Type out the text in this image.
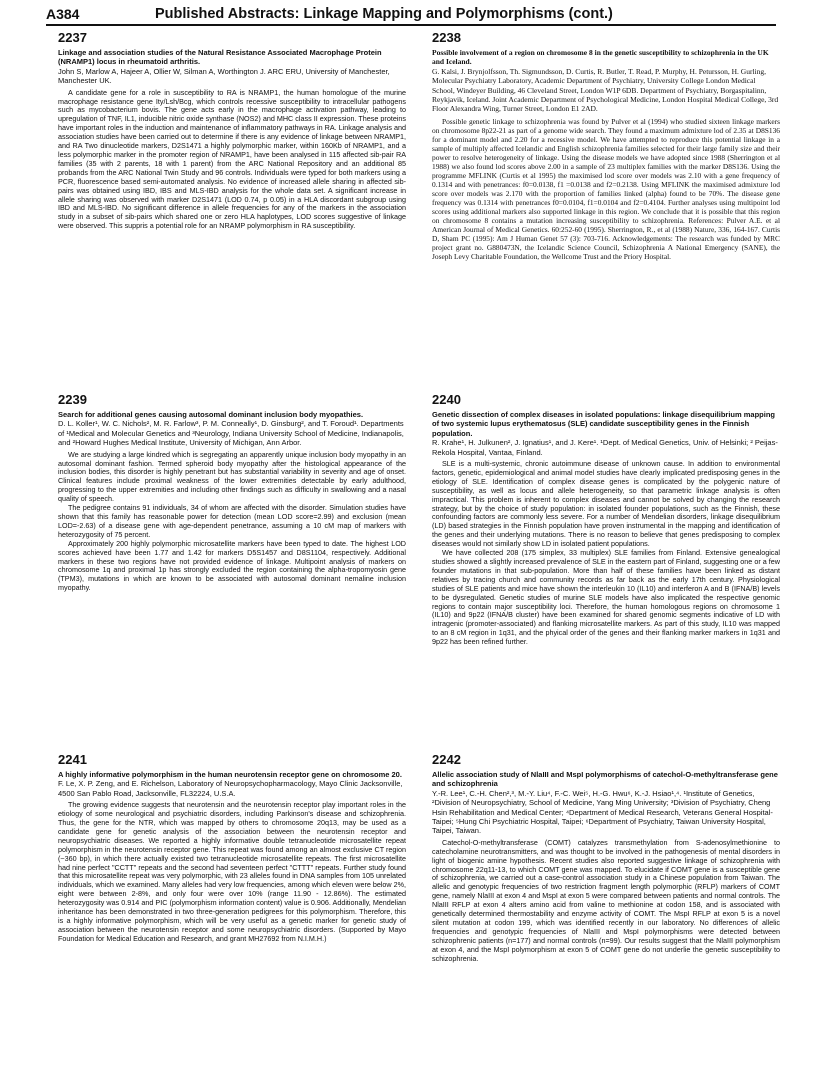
A384	Published Abstracts: Linkage Mapping and Polymorphisms (cont.)
2237
Linkage and association studies of the Natural Resistance Associated Macrophage Protein (NRAMP1) locus in rheumatoid arthritis.
John S, Marlow A, Hajeer A, Ollier W, Silman A, Worthington J. ARC ERU, University of Manchester, Manchester UK.

A candidate gene for a role in susceptibility to RA is NRAMP1, the human homologue of the murine macrophage resistance gene Ity/Lsh/Bcg, which controls recessive susceptibility to intracellular pathogens such as mycobacterium bovis. The gene acts early in the macrophage activation pathway, leading to upregulation of TNF, IL1, inducible nitric oxide synthase (NOS2) and MHC class II expression. These proteins have important roles in the induction and maintenance of inflammatory pathways in RA. Linkage analysis and association studies have been carried out to determine if there is any evidence of linkage between NRAMP1, and RA Two dinucleotide markers, D2S1471 a highly polymorphic marker, within 160Kb of NRAMP1, and a less polymorphic marker in the promoter region of NRAMP1, have been analysed in 115 affected sib-pair RA families (35 with 2 parents, 18 with 1 parent) from the ARC National Repository and an additional 85 probands from the ARC National Twin Study and 96 controls. Individuals were typed for both markers using a PCR, fluorescence based semi-automated analysis. No evidence of increased allele sharing in affected sib-pairs was obtained using IBD, IBS and MLS-IBD analysis for the whole data set. A significant increase in allele sharing was observed with marker D2S1471 (LOD 0.74, p 0.05) in a HLA discordant subgroup using IBD and MLS-IBD. No significant difference in allele frequencies for any of the markers in the association study in a subset of sib-pairs which shared one or zero HLA haplotypes, LOD scores suggestive of linkage were observed. This suppris a potential role for an NRAMP polymorphism in RA susceptibility.

2238
Possible involvement of a region on chromosome 8 in the genetic susceptibility to schizophrenia in the UK and Iceland.
G. Kalsi, J. Brynjolfsson, Th. Sigmundsson, D. Curtis, R. Butler, T. Read, P. Murphy, H. Petursson, H. Gurling, Molecular Psychiatry Laboratory, Academic Department of Psychiatry, University College London Medical School, Windeyer Building, 46 Cleveland Street, London W1P 6DB. Department of Psychiatry, Borgaspitalinn, Reykjavik, Iceland. Joint Academic Department of Psychological Medicine, London Hospital Medical College, 3rd Floor Alexandra Wing, Turner Street, London E1 2AD.

Possible genetic linkage to schizophrenia was found by Pulver et al (1994) who studied sixteen linkage markers on chromosome 8p22-21 as part of a genome wide search. They found a maximum admixture lod of 2.35 at D8S136 for a dominant model and 2.20 for a recessive model. We have attempted to reproduce this potential linkage in a sample of multiply affected Icelandic and English schizophrenia families selected for their large family size and their power to resolve heterogeneity of linkage. Using the disease models we have adopted since 1988 (Sherrington et al 1988) we also found lod scores above 2.00 in a sample of 23 multiplex families with the marker D8S136. Using the programme MFLINK (Curtis et al 1995) the maximised lod score over models was 2.10 with a gene frequency of 0.1314 and with penetrances: f0=0.0138, f1 =0.0138 and f2=0.2138. Using MFLINK the maximised admixture lod score over models was 2.170 with the proportion of families linked (alpha) found to be 70%. The disease gene frequency was 0.1314 with penetrances f0=0.0104, f1=0.0104 and f2=0.4104. Further analyses using multipoint lod scores using additional markers also supported linkage in this region. We conclude that it is possible that this region on chromosome 8 contains a mutation increasing susceptibility to schizophrenia. References: Pulver A.E. et al American Journal of Medical Genetics. 60:252-60 (1995). Sherrington, R., et al (1988) Nature, 336, 164-167. Curtis D, Sham PC (1995): Am J Human Genet 57 (3): 703-716. Acknowledgements: The research was funded by MRC project grant no. G880473N, the Icelandic Science Council, Schizophrenia A National Emergency (SANE), the Joseph Levy Charitable Foundation, the Wellcome Trust and the Priory Hospital.

2239
Search for additional genes causing autosomal dominant inclusion body myopathies.
D. L. Koller¹, W. C. Nichols², M. R. Farlow³, P. M. Conneally¹, D. Ginsburg², and T. Foroud¹. Departments of ¹Medical and Molecular Genetics and ³Neurology, Indiana University School of Medicine, Indianapolis, and ²Howard Hughes Medical Institute, University of Michigan, Ann Arbor.

We are studying a large kindred which is segregating an apparently unique inclusion body myopathy in an autosomal dominant fashion. Termed spheroid body myopathy after the histological appearance of the inclusion bodies, this disorder is highly penetrant but has substantial variability in severity and age of onset. Clinical features include proximal weakness of the lower extremities detectable by early adulthood, progressing to the upper extremities and including other findings such as difficulty in swallowing and a nasal quality of speech.

The pedigree contains 91 individuals, 34 of whom are affected with the disorder. Simulation studies have shown that this family has reasonable power for detection (mean LOD score=2.99) and exclusion (mean LOD=-2.63) of a disease gene with age-dependent penetrance, assuming a 10 cM map of markers with heterozygosity of 75 percent.

Approximately 200 highly polymorphic microsatellite markers have been typed to date. The highest LOD scores achieved have been 1.77 and 1.42 for markers D5S1457 and D8S1104, respectively. Additional markers in these two regions have not provided evidence of linkage. Multipoint analysis of markers on chromosome 1q and proximal 1p has strongly excluded the region containing the alpha-tropomyosin gene (TPM3), mutations in which are known to be associated with autosomal dominant nemaline inclusion myopathy.

2240
Genetic dissection of complex diseases in isolated populations: linkage disequilibrium mapping of two systemic lupus erythematosus (SLE) candidate susceptibility genes in the Finnish population.
R. Krahe¹, H. Julkunen², J. Ignatius¹, and J. Kere¹. ¹Dept. of Medical Genetics, Univ. of Helsinki; ² Peijas-Rekola Hospital, Vantaa, Finland.

SLE is a multi-systemic, chronic autoimmune disease of unknown cause. In addition to environmental factors, genetic, epidemiological and animal model studies have clearly implicated predisposing genes in the etiology of SLE. Identification of complex disease genes is complicated by the polygenic nature of susceptibility, as well as locus and allele heterogeneity, so that parametric linkage analysis is often impractical. This problem is inherent to complex diseases and cannot be solved by changing the research strategy, but by the choice of study population: in isolated founder populations, such as the Finnish, these confounding factors are commonly less severe. For a number of Mendelian disorders, linkage disequilibrium (LD) based strategies in the Finnish population have proven instrumental in the mapping and identification of the genes and their underlying mutations. There is no reason to believe that genes predisposing to complex diseases would not similarly show LD in isolated patient populations.

We have collected 208 (175 simplex, 33 multiplex) SLE families from Finland. Extensive genealogical studies showed a slightly increased prevalence of SLE in the eastern part of Finland, suggesting one or a few founder mutations in that sub-population. More than half of these families have been linked as distant relatives by tracing church and community records as far back as the early 17th century. Physiological studies of SLE patients and mice have shown the interleukin 10 (IL10) and interferon A and B (IFNA/B) levels to be dysregulated. Genetic studies of murine SLE models have also implicated the respective genomic regions to contain major susceptibility loci. Therefore, the human homologous regions on chromosome 1 (IL10) and 9p22 (IFNA/B cluster) have been examined for shared genomic segments indicative of LD with intragenic (promoter-associated) and flanking microsatellite markers. As part of this study, IL10 was mapped to an 8 cM region in 1q31, and the phyical order of the genes and their flanking marker markers in 1q31 and 9p22 has been refined further.

2241
A highly informative polymorphism in the human neurotensin receptor gene on chromosome 20.
F. Le, X. P. Zeng, and E. Richelson, Laboratory of Neuropsychopharmacology, Mayo Clinic Jacksonville, 4500 San Pablo Road, Jacksonville, FL32224, U.S.A.

The growing evidence suggests that neurotensin and the neurotensin receptor play important roles in the etiology of some neurological and psychiatric disorders, including Parkinson's disease and schizophrenia. Thus, the gene for the NTR, which was mapped by others to chromosome 20q13, may be used as a candidate gene for genetic analysis of the association between the neurotensin receptor and neuropsychiatric diseases. We reported a highly informative double tetranucleotide microsatellite repeat polymorphism in the neurotensin receptor gene. This repeat was found among an almost exclusive CT region (~360 bp), in which there actually existed two tetranucleotide microsatellite repeats. The first microsatellite had nine perfect "CCTT" repeats and the second had seventeen perfect "CTTT" repeats. Further study found that this microsatellite repeat was very polymorphic, with 23 alleles found in DNA samples from 105 unrelated individuals, which we examined. Many alleles had very low frequencies, among which eleven were below 2%, eight were between 2-8%, and only four were over 10% (range 11.90 - 12.86%). The estimated heterozygosity was 0.914 and PIC (polymorphism information content) value is 0.906. Additionally, Mendelian inheritance has been demonstrated in two three-generation pedigrees for this polymorphism. Therefore, this is a highly informative polymorphism, which will be very useful as a genetic marker for genetic study of association between the neurotensin receptor and some neuropsychiatric disorders. (Supported by Mayo Foundation for Medical Education and Research, and grant MH27692 from N.I.M.H.)

2242
Allelic association study of NlaIII and MspI polymorphisms of catechol-O-methyltransferase gene and schizophrenia
Y.-R. Lee¹, C.-H. Chen²,³, M.-Y. Liu⁴, F.-C. Wei⁵, H.-G. Hwu⁶, K.-J. Hsiao¹,⁴. ¹Institute of Genetics, ²Division of Neuropsychiatry, School of Medicine, Yang Ming University; ³Division of Psychiatry, Cheng Hsin Rehabilitation and Medical Center; ⁴Department of Medical Research, Veterans General Hospital-Taipei; ⁵Hung Chi Psychiatric Hospital, Taipei; ⁶Department of Psychiatry, Taiwan University Hospital, Taipei, Taiwan.

Catechol-O-methyltransferase (COMT) catalyzes transmethylation from S-adenosylmethionine to catecholamine neurotransmitters, and was thought to be involved in the pathogenesis of mental disorders in light of biogenic amine hypothesis. Recent studies also reported suggestive linkage of schizophrenia with chromosome 22q11-13, to which COMT gene was mapped. To elucidate if COMT gene is a susceptible gene of schizophrenia, we carried out a case-control association study in a Chinese population from Taiwan. The allelic and genotypic frequencies of two restriction fragment length polymorphic (RFLP) markers of COMT gene, namely NlaIII at exon 4 and MspI at exon 5 were compared between patients and normal controls. The NlaIII RFLP at exon 4 alters amino acid from valine to methionine at codon 158, and is associated with genetically determined thermostability and enzyme activity of COMT. The MspI RFLP at exon 5 is a novel silent mutation at codon 199, which was identified recently in our laboratory. No differences of allelic frequencies and genotypic frequencies of NlaIII and MspI polymorphisms were detected between schizophrenic patients (n=177) and normal controls (n=99). Our results suggest that the NlaIII polymorphism at exon 4, and the MspI polymorphism at exon 5 of COMT gene do not underlie the genetic susceptibility to schizophrenia.
